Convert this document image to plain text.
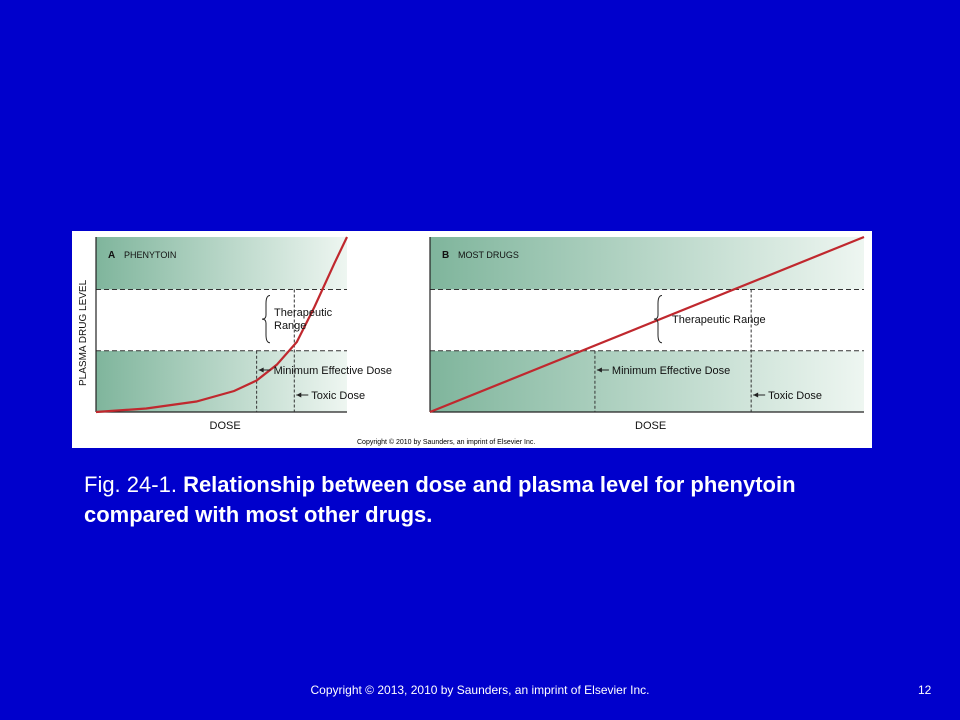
A PHENYTOIN
Therapeutic
Range
Minimum Effective Dose
Toxic Dose
DOSE
PLASMA DRUG LEVEL
B MOST DRUGS
Therapeutic Range
Minimum Effective Dose
Toxic Dose
DOSE
Copyright © 2010 by Saunders, an imprint of Elsevier Inc.
Fig. 24-1. Relationship between dose and plasma level for phenytoin compared with most other drugs.
Copyright © 2013, 2010 by Saunders, an imprint of Elsevier Inc.	12
